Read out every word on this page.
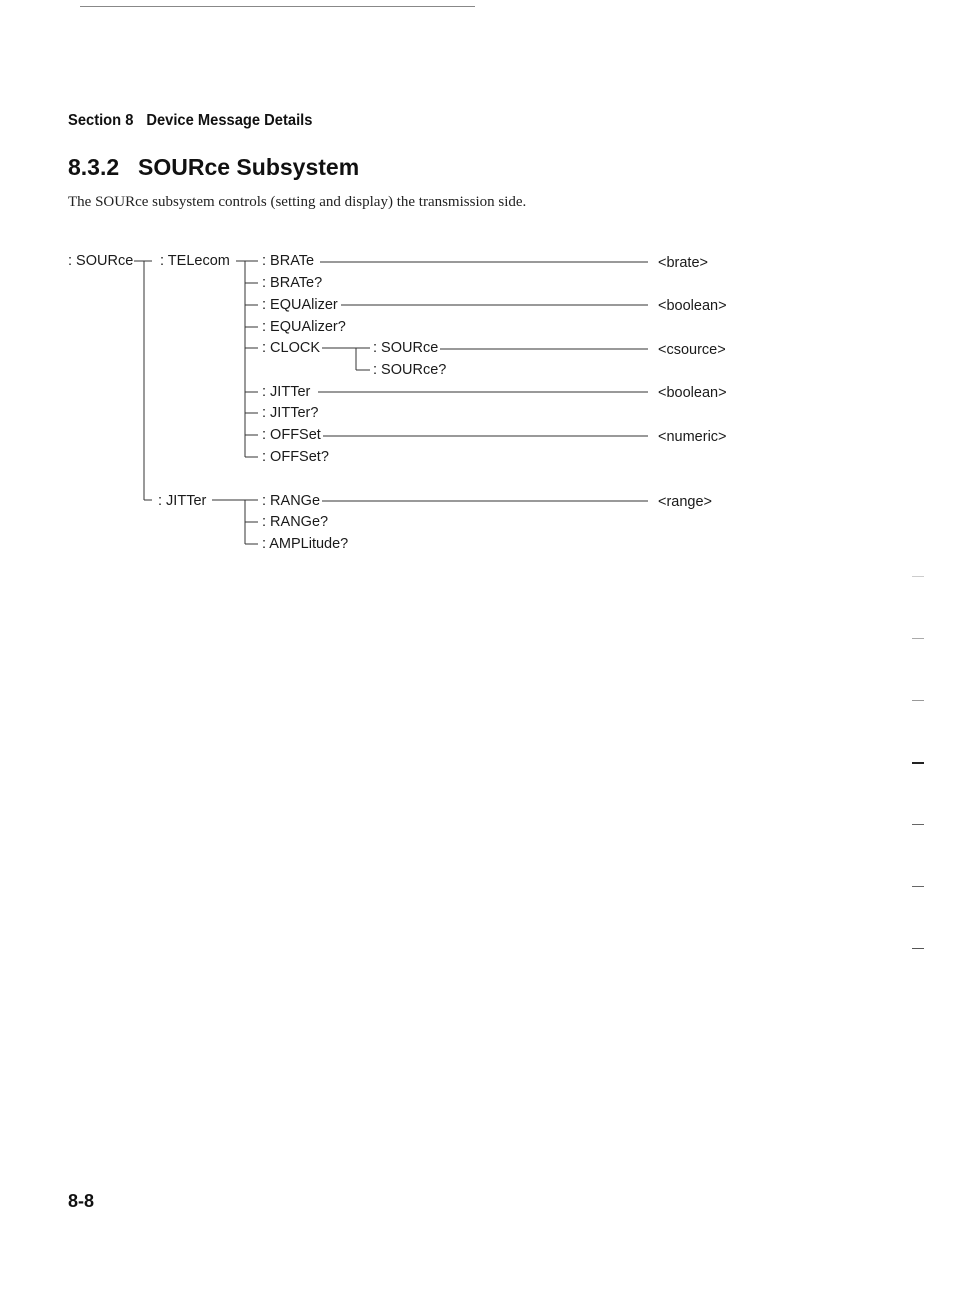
Section 8 Device Message Details
8.3.2 SOURce Subsystem
The SOURce subsystem controls (setting and display) the transmission side.
: SOURce : TELecom
: JITTer
: BRATe
: BRATe?
: EQUAlizer
: EQUAlizer?
: CLOCK	: SOURce
: SOURce?
: JITTer
: JITTer?
: OFFSet
: OFFSet?
: RANGe
: RANGe?
: AMPLitude?
<brate>
<boolean>
<csource>
<boolean>
<numeric>
<range>
8-8
